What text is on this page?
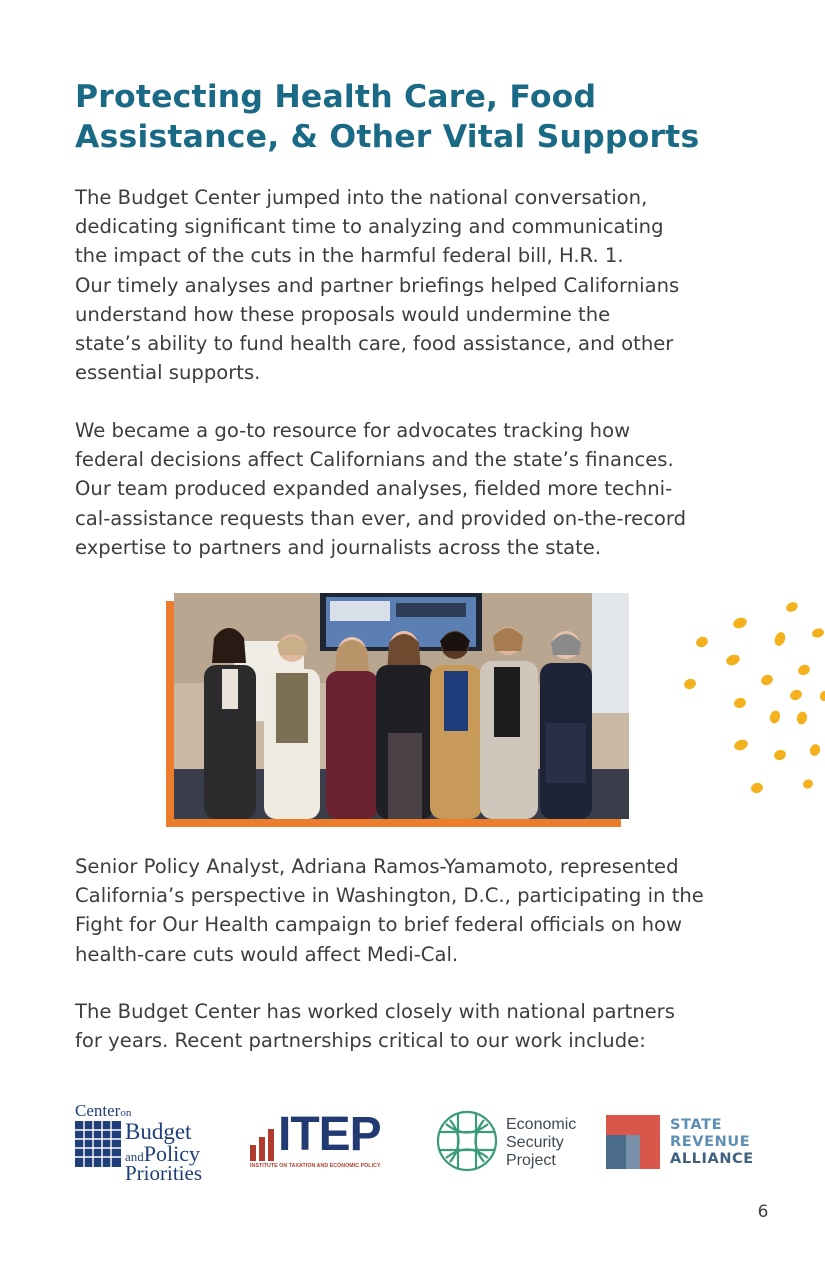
Protecting Health Care, Food
Assistance, & Other Vital Supports

The Budget Center jumped into the national conversation,
dedicating significant time to analyzing and communicating
the impact of the cuts in the harmful federal bill, H.R. 1.
Our timely analyses and partner briefings helped Californians
understand how these proposals would undermine the
state’s ability to fund health care, food assistance, and other
essential supports.

We became a go-to resource for advocates tracking how
federal decisions affect Californians and the state’s finances.
Our team produced expanded analyses, fielded more techni-
cal-assistance requests than ever, and provided on-the-record
expertise to partners and journalists across the state.

Senior Policy Analyst, Adriana Ramos-Yamamoto, represented
California’s perspective in Washington, D.C., participating in the
Fight for Our Health campaign to brief federal officials on how
health-care cuts would affect Medi-Cal.

The Budget Center has worked closely with national partners
for years. Recent partnerships critical to our work include:

Centeron
Budget
andPolicy
Priorities
ITEP
INSTITUTE ON TAXATION AND ECONOMIC POLICY
Economic
Security
Project
STATE
REVENUE
ALLIANCE
6
